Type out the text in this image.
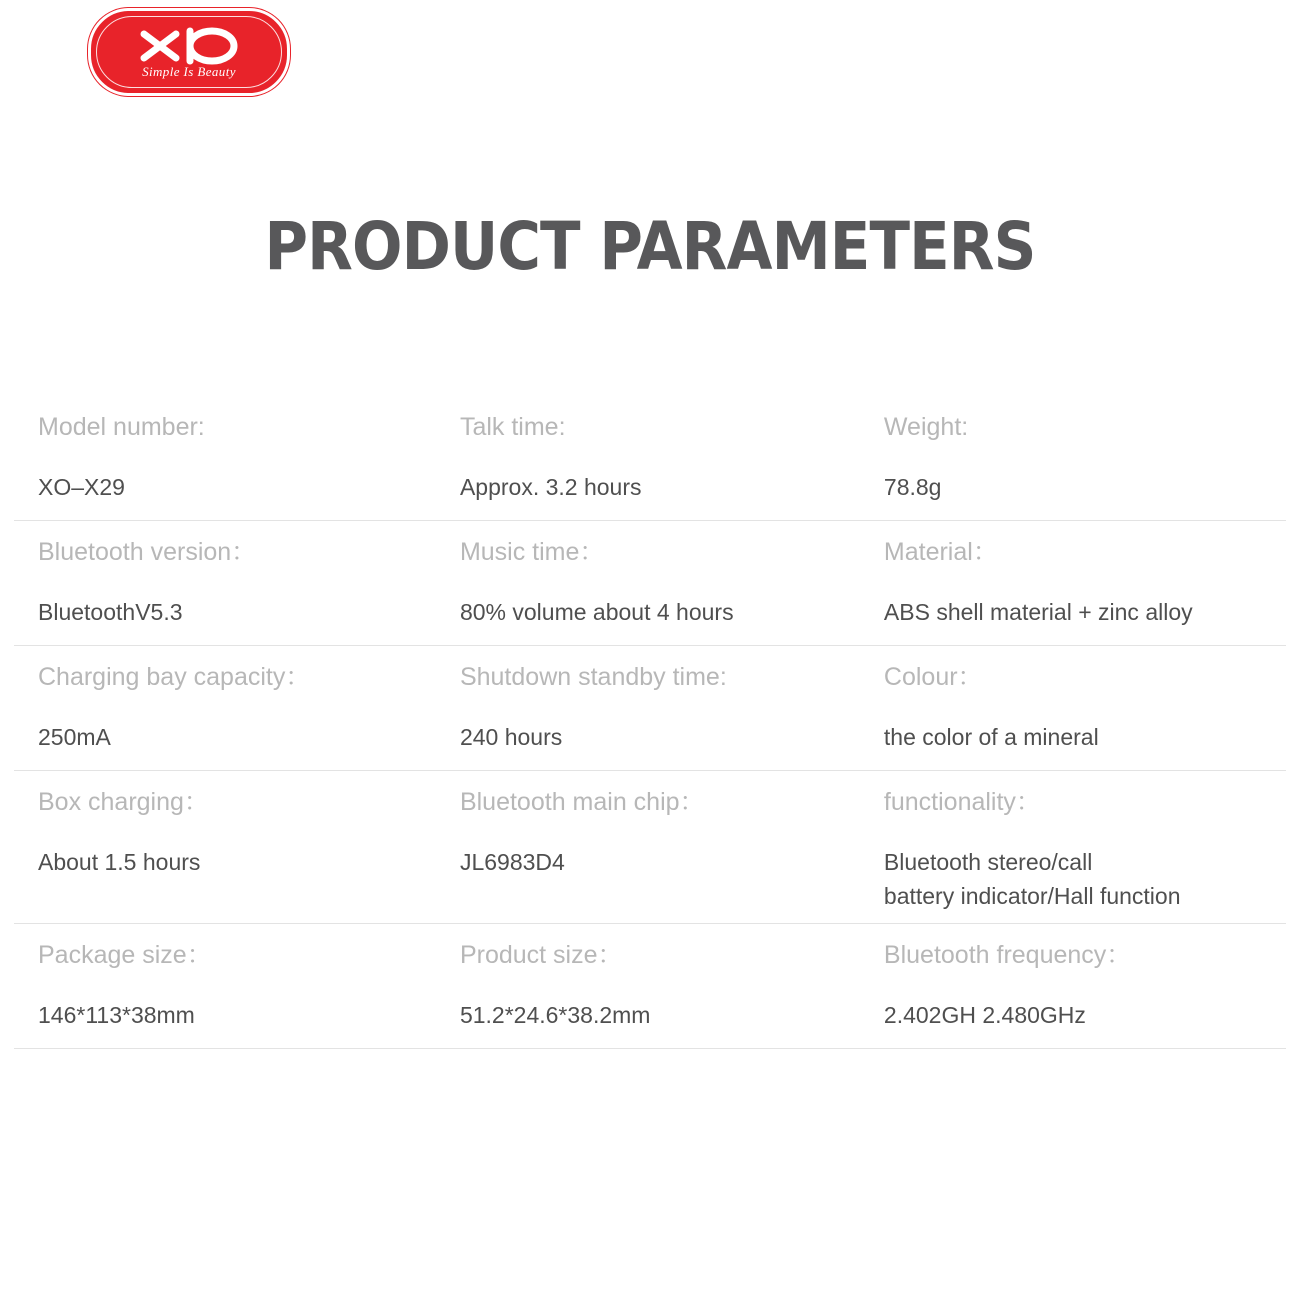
Simple Is Beauty
PRODUCT PARAMETERS
Model number:
XO–X29
Talk time:
Approx. 3.2 hours
Weight:
78.8g
Bluetooth version：
BluetoothV5.3
Music time：
80% volume about 4 hours
Material：
ABS shell material + zinc alloy
Charging bay capacity：
250mA
Shutdown standby time:
240 hours
Colour：
the color of a mineral
Box charging：
About 1.5 hours
Bluetooth main chip：
JL6983D4
functionality：
Bluetooth stereo/call
battery indicator/Hall function
Package size：
146*113*38mm
Product size：
51.2*24.6*38.2mm
Bluetooth frequency：
2.402GH 2.480GHz
